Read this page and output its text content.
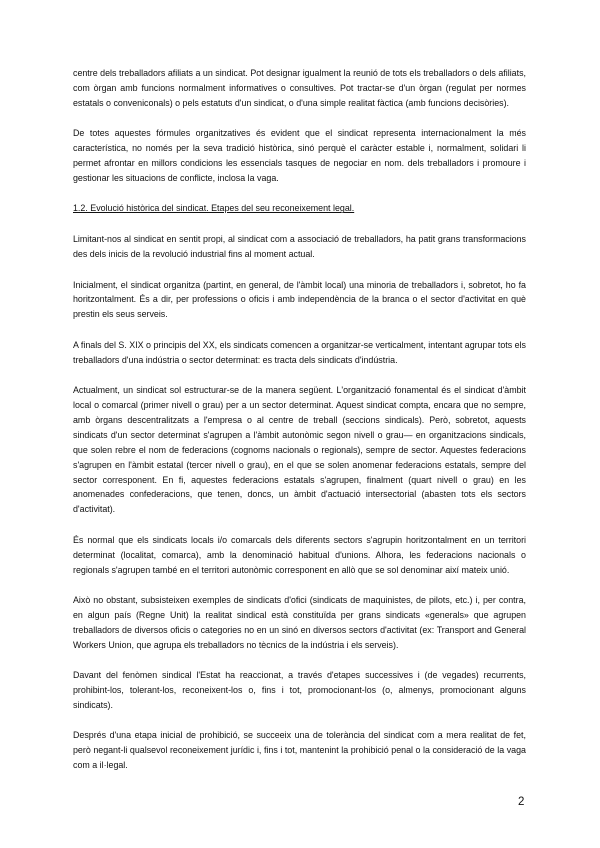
centre dels treballadors afiliats a un sindicat. Pot designar igualment la reunió de tots els treballadors o dels afiliats, com òrgan amb funcions normalment informatives o consultives. Pot tractar-se d'un òrgan (regulat per normes estatals o conveniconals) o pels estatuts d'un sindicat, o d'una simple realitat fàctica (amb funcions decisòries).

De totes aquestes fórmules organitzatives és evident que el sindicat representa internacionalment la més característica, no només per la seva tradició històrica, sinó perquè el caràcter estable i, normalment, solidari li permet afrontar en millors condicions les essencials tasques de negociar en nom. dels treballadors i promoure i gestionar les situacions de conflicte, inclosa la vaga.

1.2. Evolució històrica del sindicat. Etapes del seu reconeixement legal.

Limitant-nos al sindicat en sentit propi, al sindicat com a associació de treballadors, ha patit grans transformacions des dels inicis de la revolució industrial fins al moment actual.

Inicialment, el sindicat organitza (partint, en general, de l'àmbit local) una minoria de treballadors i, sobretot, ho fa horitzontalment. És a dir, per professions o oficis i amb independència de la branca o el sector d'activitat en què prestin els seus serveis.

A finals del S. XIX o principis del XX, els sindicats comencen a organitzar-se verticalment, intentant agrupar tots els treballadors d'una indústria o sector determinat: es tracta dels sindicats d'indústria.

Actualment, un sindicat sol estructurar-se de la manera següent. L'organització fonamental és el sindicat d'àmbit local o comarcal (primer nivell o grau) per a un sector determinat. Aquest sindicat compta, encara que no sempre, amb òrgans descentralitzats a l'empresa o al centre de treball (seccions sindicals). Però, sobretot, aquests sindicats d'un sector determinat s'agrupen a l'àmbit autonòmic segon nivell o grau— en organitzacions sindicals, que solen rebre el nom de federacions (cognoms nacionals o regionals), sempre de sector. Aquestes federacions s'agrupen en l'àmbit estatal (tercer nivell o grau), en el que se solen anomenar federacions estatals, sempre del sector corresponent. En fi, aquestes federacions estatals s'agrupen, finalment (quart nivell o grau) en les anomenades confederacions, que tenen, doncs, un àmbit d'actuació intersectorial (abasten tots els sectors d'activitat).

És normal que els sindicats locals i/o comarcals dels diferents sectors s'agrupin horitzontalment en un territori determinat (localitat, comarca), amb la denominació habitual d'unions. Alhora, les federacions nacionals o regionals s'agrupen també en el territori autonòmic corresponent en allò que se sol denominar així mateix unió.

Això no obstant, subsisteixen exemples de sindicats d'ofici (sindicats de maquinistes, de pilots, etc.) i, per contra, en algun país (Regne Unit) la realitat sindical està constituïda per grans sindicats «generals» que agrupen treballadors de diversos oficis o categories no en un sinó en diversos sectors d'activitat (ex: Transport and General Workers Union, que agrupa els treballadors no tècnics de la indústria i els serveis).

Davant del fenòmen sindical l'Estat ha reaccionat, a través d'etapes successives i (de vegades) recurrents, prohibint-los, tolerant-los, reconeixent-los o, fins i tot, promocionant-los (o, almenys, promocionant alguns sindicats).

Després d'una etapa inicial de prohibició, se succeeix una de tolerància del sindicat com a mera realitat de fet, però negant-li qualsevol reconeixement jurídic i, fins i tot, mantenint la prohibició penal o la consideració de la vaga com a il·legal.

2
